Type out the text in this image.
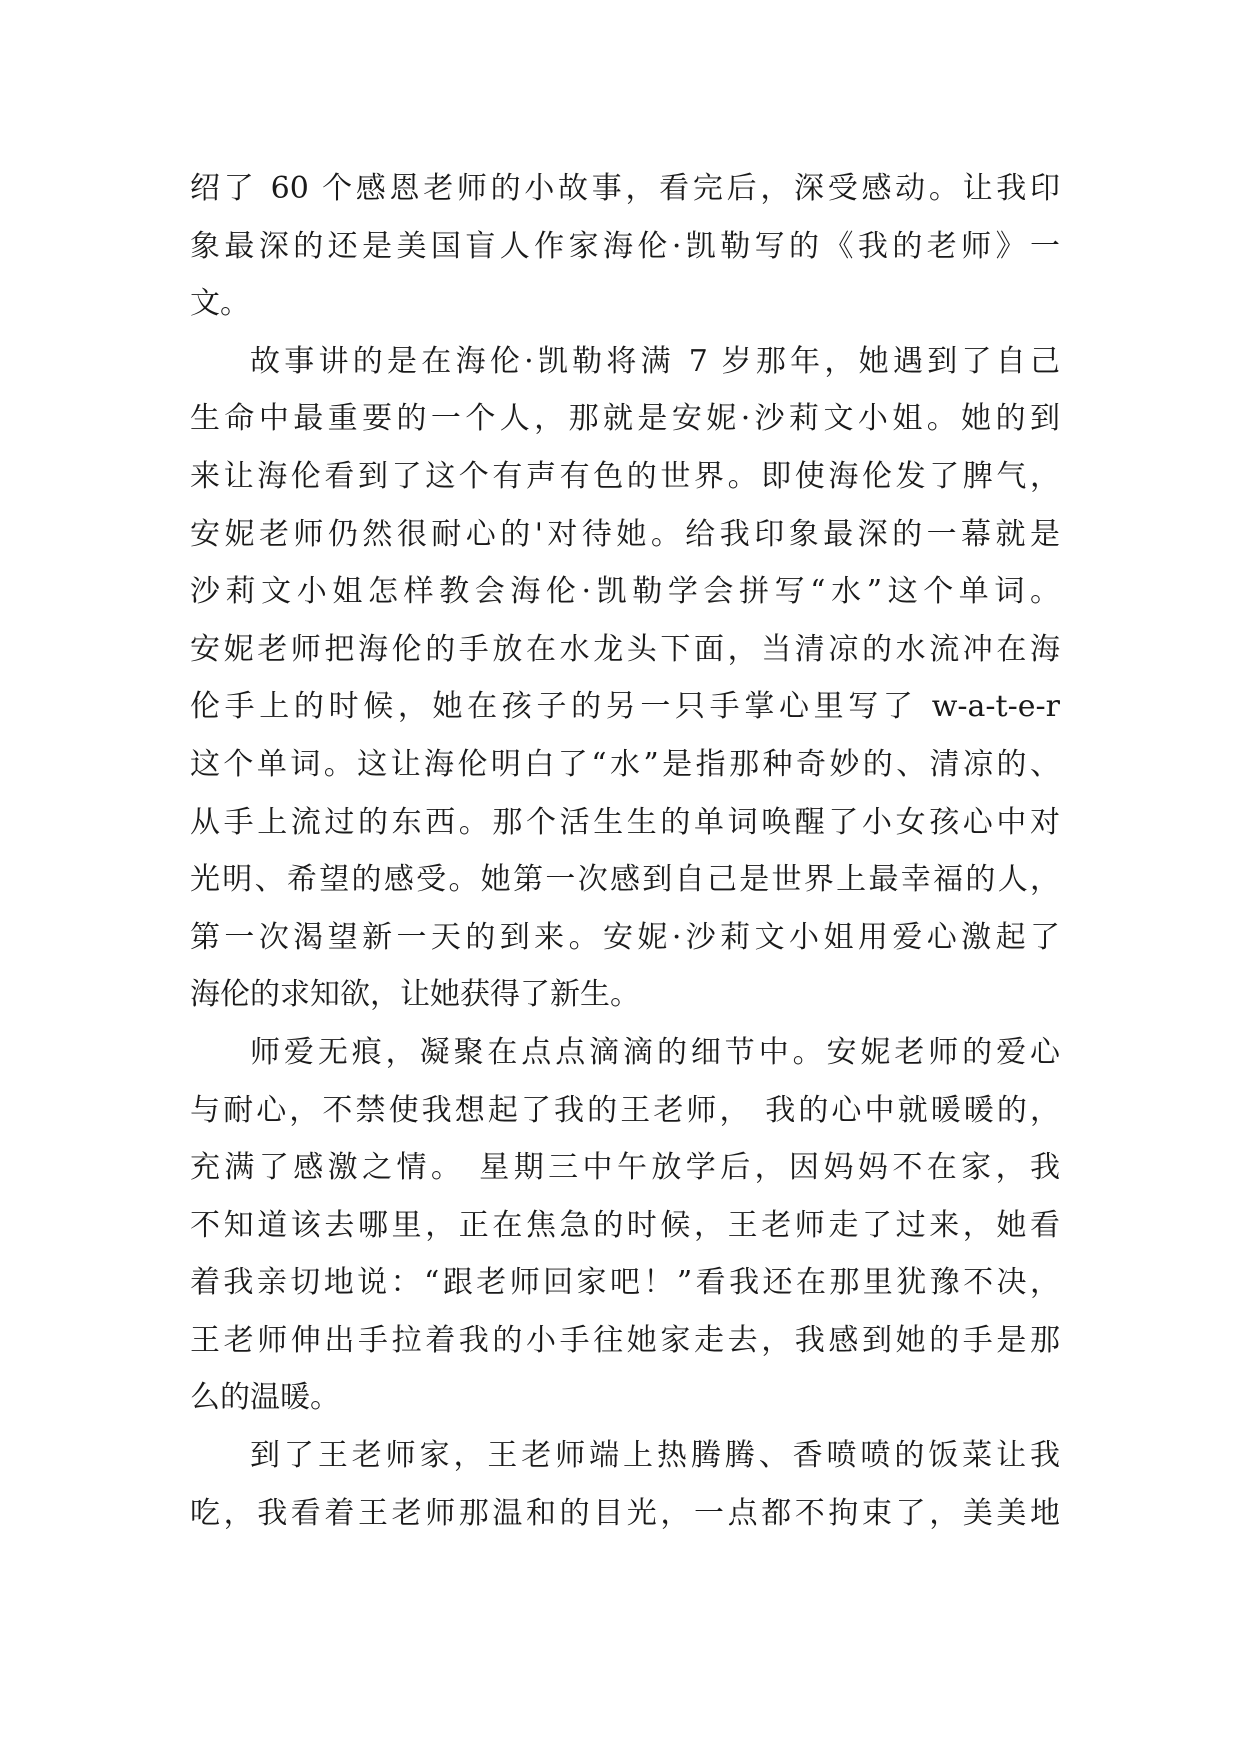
绍了 60 个感恩老师的小故事，看完后，深受感动。让我印
象最深的还是美国盲人作家海伦·凯勒写的《我的老师》一
文。
故事讲的是在海伦·凯勒将满 7 岁那年，她遇到了自己
生命中最重要的一个人，那就是安妮·沙莉文小姐。她的到
来让海伦看到了这个有声有色的世界。即使海伦发了脾气，
安妮老师仍然很耐心的'对待她。给我印象最深的一幕就是
沙莉文小姐怎样教会海伦·凯勒学会拼写“水”这个单词。
安妮老师把海伦的手放在水龙头下面，当清凉的水流冲在海
伦手上的时候，她在孩子的另一只手掌心里写了 w-a-t-e-r
这个单词。这让海伦明白了“水”是指那种奇妙的、清凉的、
从手上流过的东西。那个活生生的单词唤醒了小女孩心中对
光明、希望的感受。她第一次感到自己是世界上最幸福的人，
第一次渴望新一天的到来。安妮·沙莉文小姐用爱心激起了
海伦的求知欲，让她获得了新生。
师爱无痕，凝聚在点点滴滴的细节中。安妮老师的爱心
与耐心，不禁使我想起了我的王老师， 我的心中就暖暖的，
充满了感激之情。 星期三中午放学后，因妈妈不在家，我
不知道该去哪里，正在焦急的时候，王老师走了过来，她看
着我亲切地说：“跟老师回家吧！”看我还在那里犹豫不决，
王老师伸出手拉着我的小手往她家走去，我感到她的手是那
么的温暖。
到了王老师家，王老师端上热腾腾、香喷喷的饭菜让我
吃，我看着王老师那温和的目光，一点都不拘束了，美美地
